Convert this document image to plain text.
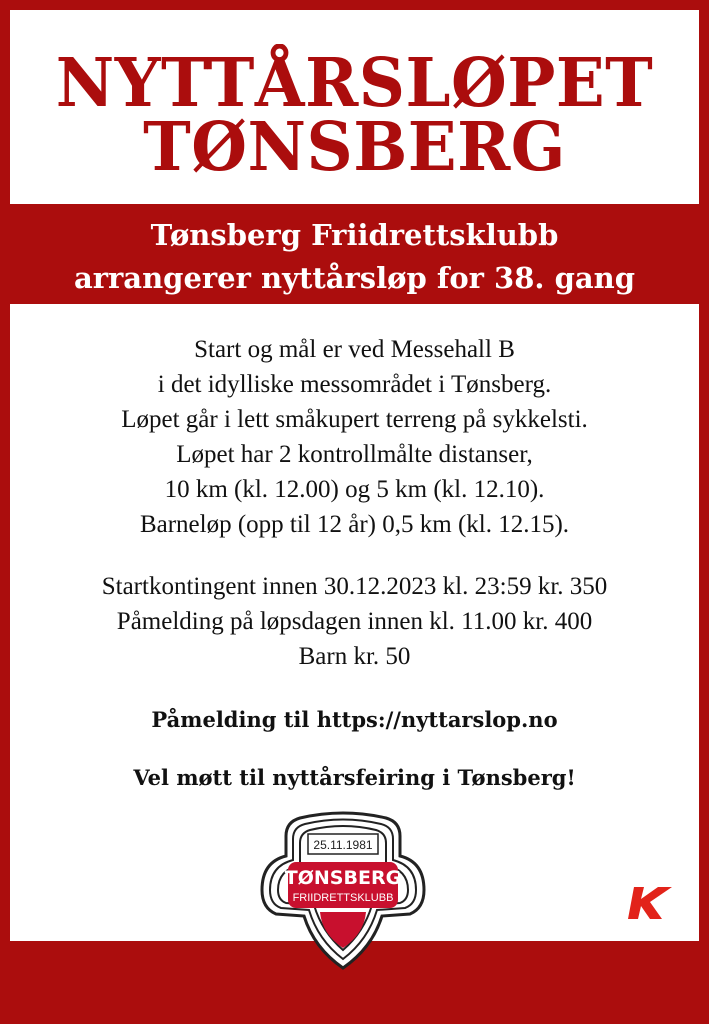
NYTTÅRSLØPET
TØNSBERG
Tønsberg Friidrettsklubb
arrangerer nyttårsløp for 38. gang
Start og mål er ved Messehall B
i det idylliske messområdet i Tønsberg.
Løpet går i lett småkupert terreng på sykkelsti.
Løpet har 2 kontrollmålte distanser,
10 km (kl. 12.00) og 5 km (kl. 12.10).
Barneløp (opp til 12 år) 0,5 km (kl. 12.15).
Startkontingent innen 30.12.2023 kl. 23:59 kr. 350
Påmelding på løpsdagen innen kl. 11.00 kr. 400
Barn kr. 50
Påmelding til https://nyttarslop.no
Vel møtt til nyttårsfeiring i Tønsberg!
25.11.1981
TØNSBERG
FRIIDRETTSKLUBB
K
